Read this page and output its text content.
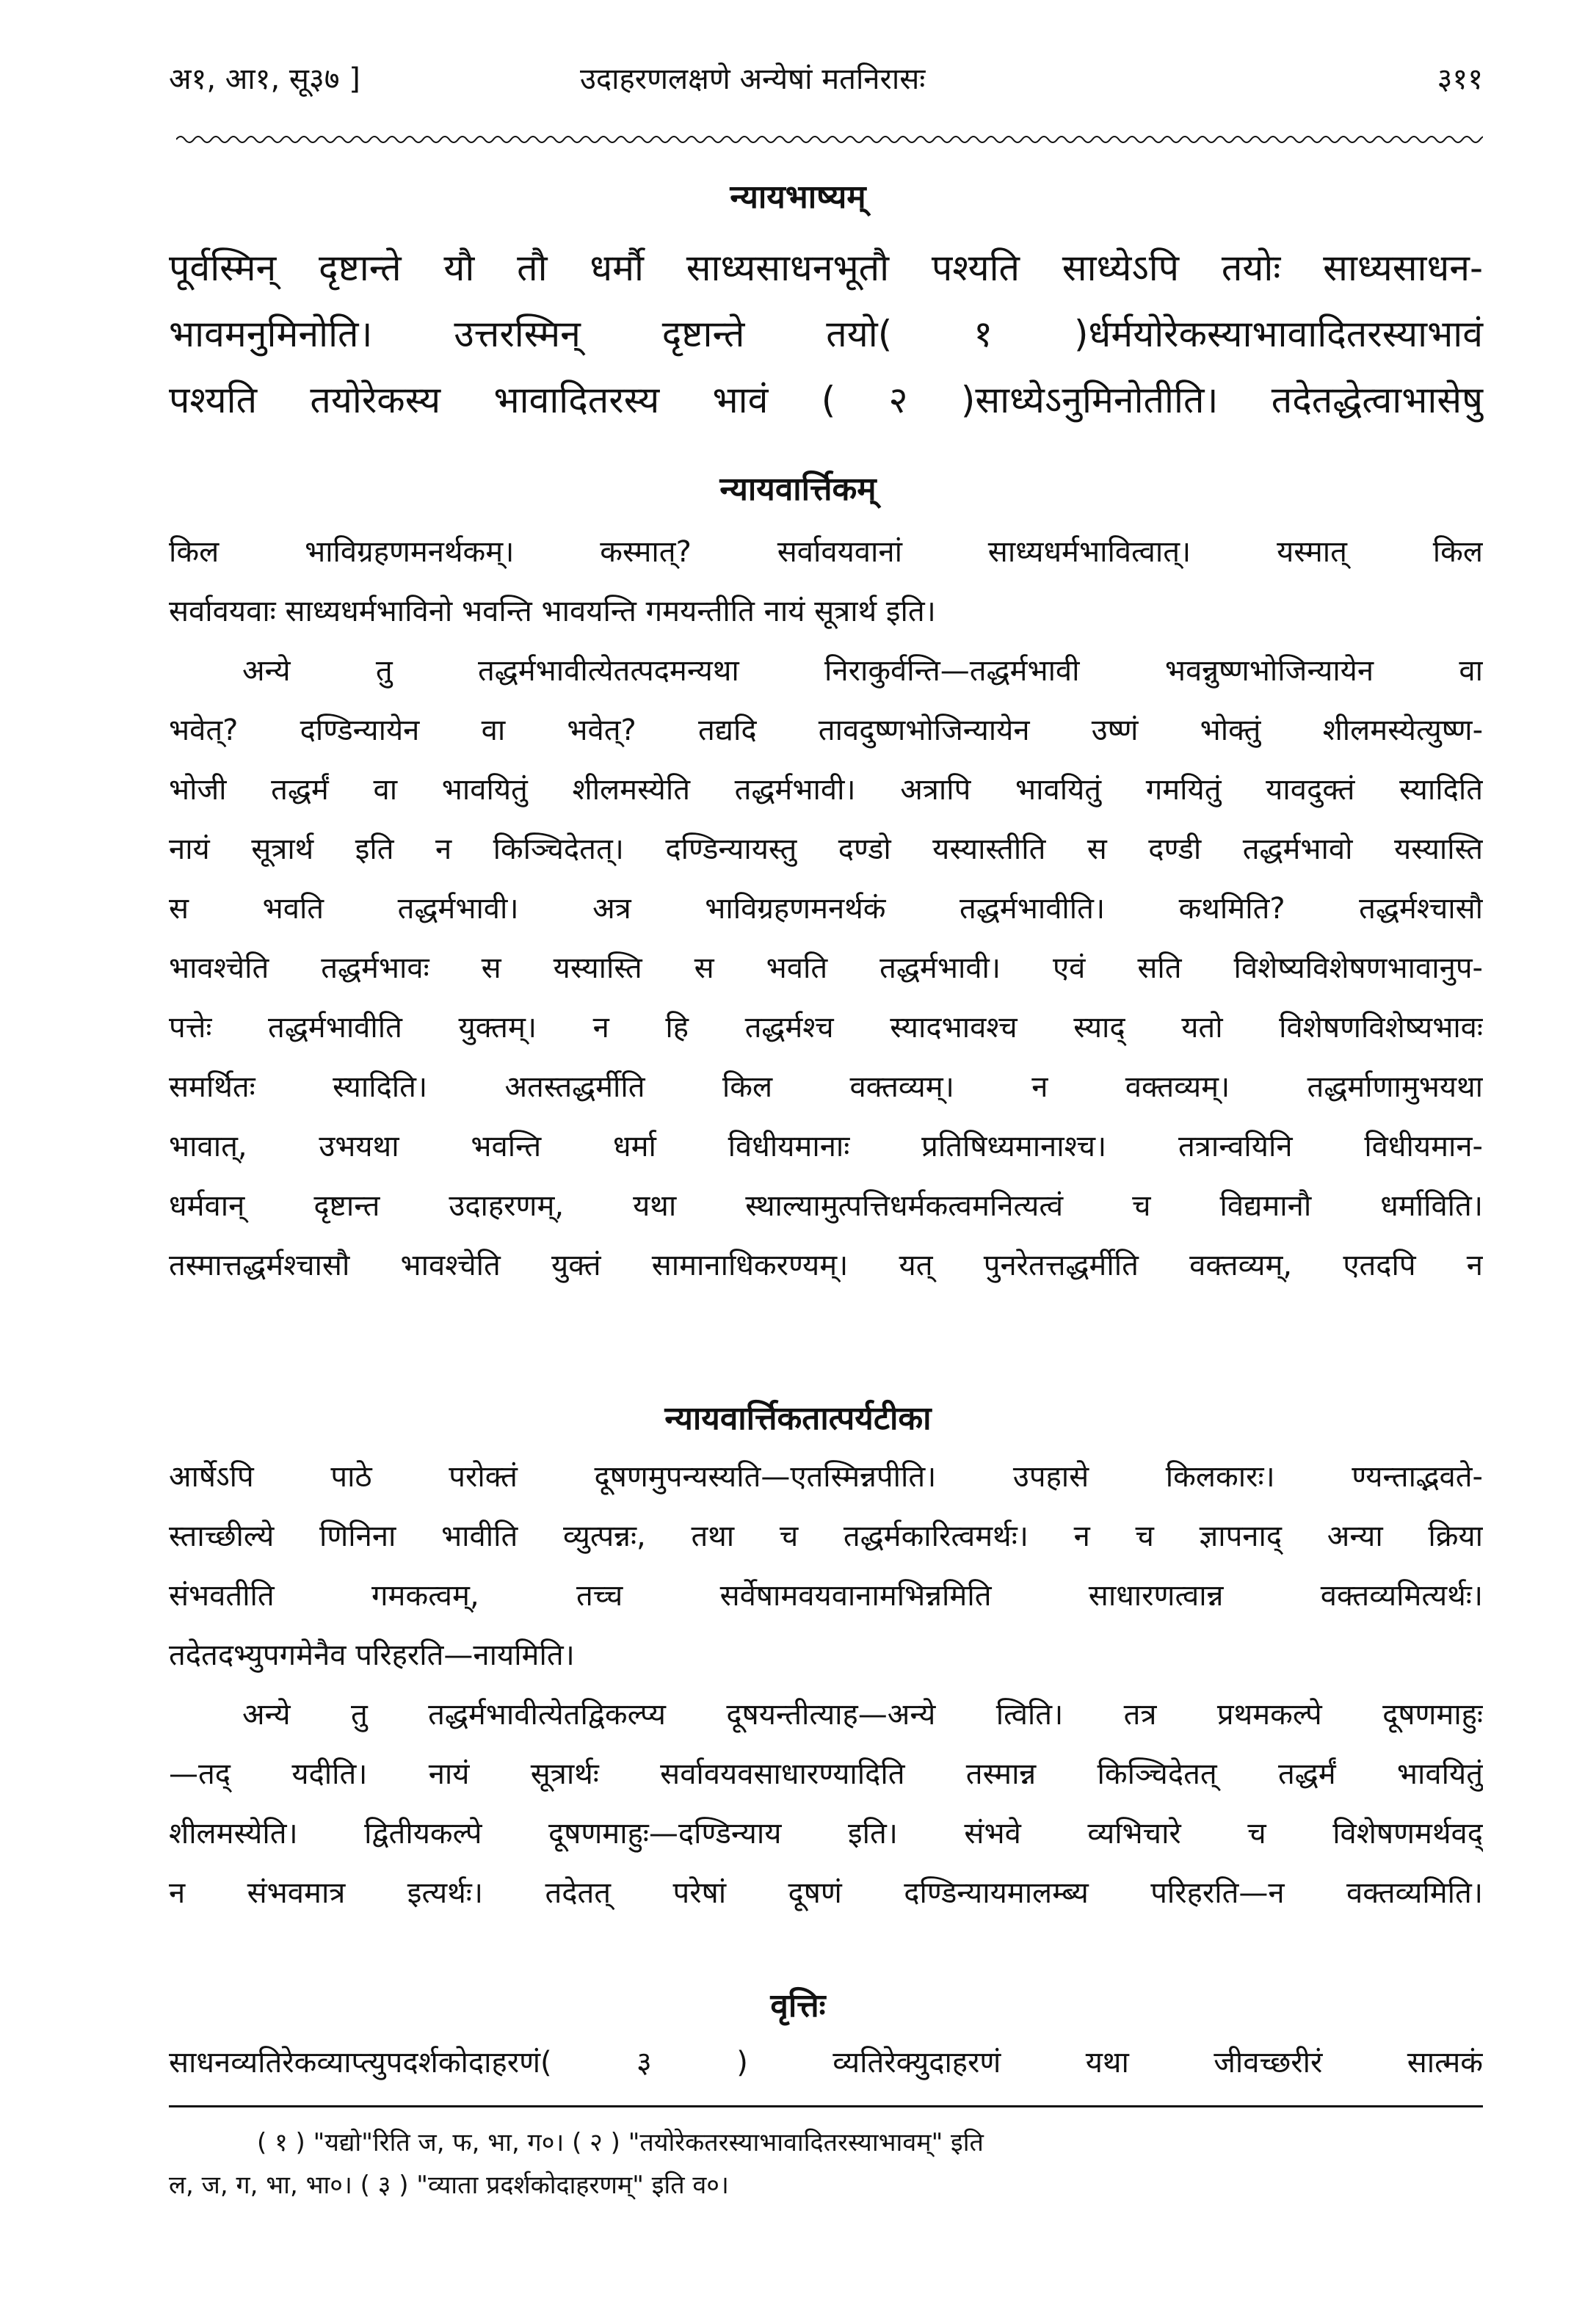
अ१, आ१, सू३७ ]	उदाहरणलक्षणे अन्येषां मतनिरासः	३११
न्यायभाष्यम्
पूर्वस्मिन् दृष्टान्ते यौ तौ धर्मौ साध्यसाधनभूतौ पश्यति साध्येऽपि तयोः साध्यसाधन-
भावमनुमिनोति। उत्तरस्मिन् दृष्टान्ते तयो( १ )र्धर्मयोरेकस्याभावादितरस्याभावं
पश्यति तयोरेकस्य भावादितरस्य भावं ( २ )साध्येऽनुमिनोतीति। तदेतद्धेत्वाभासेषु
न्यायवार्त्तिकम्
किल भाविग्रहणमनर्थकम्। कस्मात्? सर्वावयवानां साध्यधर्मभावित्वात्। यस्मात् किल
सर्वावयवाः साध्यधर्मभाविनो भवन्ति भावयन्ति गमयन्तीति नायं सूत्रार्थ इति।
अन्ये तु तद्धर्मभावीत्येतत्पदमन्यथा निराकुर्वन्ति—तद्धर्मभावी भवन्नुष्णभोजिन्यायेन वा
भवेत्? दण्डिन्यायेन वा भवेत्? तद्यदि तावदुष्णभोजिन्यायेन उष्णं भोक्तुं शीलमस्येत्युष्ण-
भोजी तद्धर्मं वा भावयितुं शीलमस्येति तद्धर्मभावी। अत्रापि भावयितुं गमयितुं यावदुक्तं स्यादिति
नायं सूत्रार्थ इति न किञ्चिदेतत्। दण्डिन्यायस्तु दण्डो यस्यास्तीति स दण्डी तद्धर्मभावो यस्यास्ति
स भवति तद्धर्मभावी। अत्र भाविग्रहणमनर्थकं तद्धर्मभावीति। कथमिति? तद्धर्मश्चासौ
भावश्चेति तद्धर्मभावः स यस्यास्ति स भवति तद्धर्मभावी। एवं सति विशेष्यविशेषणभावानुप-
पत्तेः तद्धर्मभावीति युक्तम्। न हि तद्धर्मश्च स्यादभावश्च स्याद् यतो विशेषणविशेष्यभावः
समर्थितः स्यादिति। अतस्तद्धर्मीति किल वक्तव्यम्। न वक्तव्यम्। तद्धर्माणामुभयथा
भावात्, उभयथा भवन्ति धर्मा विधीयमानाः प्रतिषिध्यमानाश्च। तत्रान्वयिनि विधीयमान-
धर्मवान् दृष्टान्त उदाहरणम्, यथा स्थाल्यामुत्पत्तिधर्मकत्वमनित्यत्वं च विद्यमानौ धर्माविति।
तस्मात्तद्धर्मश्चासौ भावश्चेति युक्तं सामानाधिकरण्यम्। यत् पुनरेतत्तद्धर्मीति वक्तव्यम्, एतदपि न
न्यायवार्त्तिकतात्पर्यटीका
आर्षेऽपि पाठे परोक्तं दूषणमुपन्यस्यति—एतस्मिन्नपीति। उपहासे किलकारः। ण्यन्ताद्भवते-
स्ताच्छील्ये णिनिना भावीति व्युत्पन्नः, तथा च तद्धर्मकारित्वमर्थः। न च ज्ञापनाद् अन्या क्रिया
संभवतीति गमकत्वम्, तच्च सर्वेषामवयवानामभिन्नमिति साधारणत्वान्न वक्तव्यमित्यर्थः।
तदेतदभ्युपगमेनैव परिहरति—नायमिति।
अन्ये तु तद्धर्मभावीत्येतद्विकल्प्य दूषयन्तीत्याह—अन्ये त्विति। तत्र प्रथमकल्पे दूषणमाहुः
—तद् यदीति। नायं सूत्रार्थः सर्वावयवसाधारण्यादिति तस्मान्न किञ्चिदेतत् तद्धर्मं भावयितुं
शीलमस्येति। द्वितीयकल्पे दूषणमाहुः—दण्डिन्याय इति। संभवे व्यभिचारे च विशेषणमर्थवद्
न संभवमात्र इत्यर्थः। तदेतत् परेषां दूषणं दण्डिन्यायमालम्ब्य परिहरति—न वक्तव्यमिति।
वृत्तिः
साधनव्यतिरेकव्याप्त्युपदर्शकोदाहरणं( ३ ) व्यतिरेक्युदाहरणं यथा जीवच्छरीरं सात्मकं
( १ ) "यद्यो"रिति ज, फ, भा, ग०। ( २ ) "तयोरेकतरस्याभावादितरस्याभावम्" इति
ल, ज, ग, भा, भा०। ( ३ ) "व्याता प्रदर्शकोदाहरणम्" इति व०।
